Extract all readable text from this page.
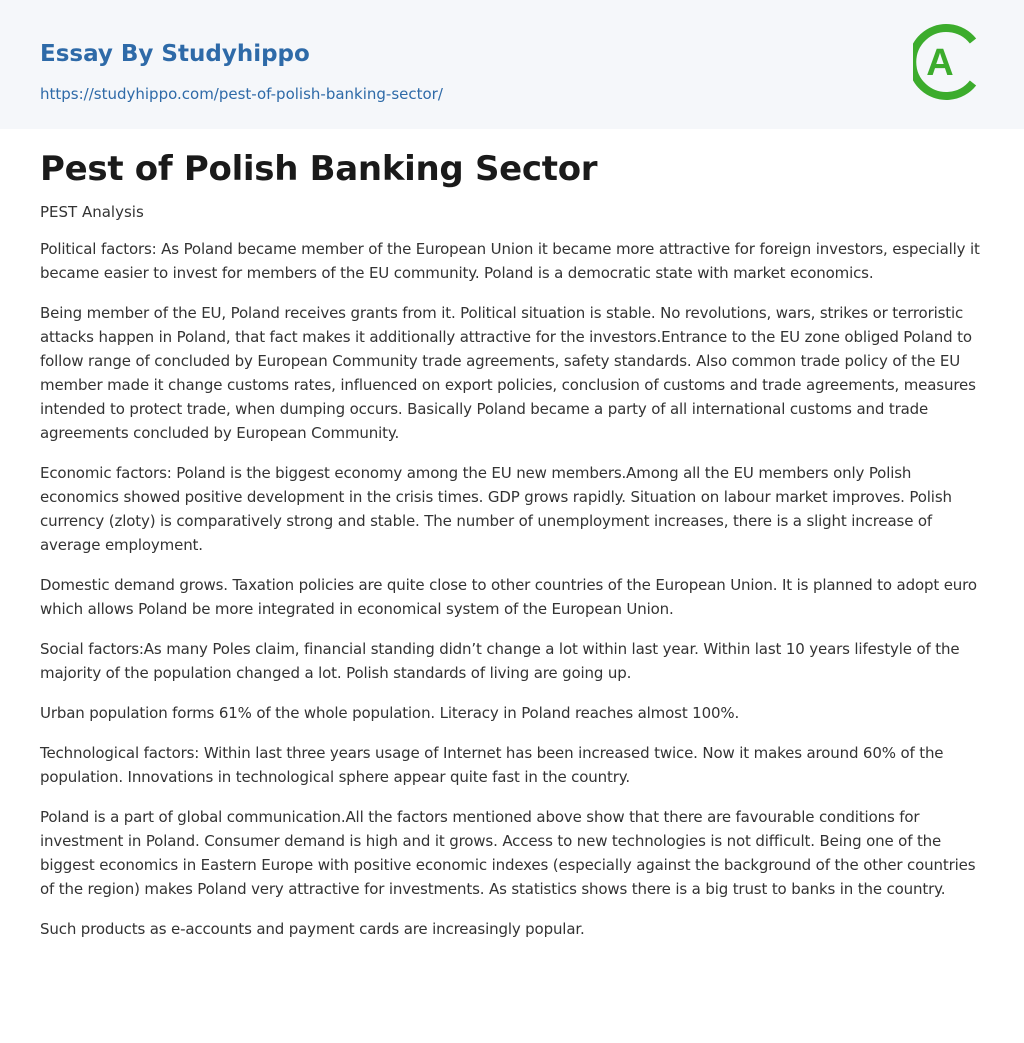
Essay By Studyhippo
https://studyhippo.com/pest-of-polish-banking-sector/
A
Pest of Polish Banking Sector
PEST Analysis

Political factors: As Poland became member of the European Union it became more attractive for foreign investors, especially it became easier to invest for members of the EU community. Poland is a democratic state with market economics.

Being member of the EU, Poland receives grants from it. Political situation is stable. No revolutions, wars, strikes or terroristic attacks happen in Poland, that fact makes it additionally attractive for the investors.Entrance to the EU zone obliged Poland to follow range of concluded by European Community trade agreements, safety standards. Also common trade policy of the EU member made it change customs rates, influenced on export policies, conclusion of customs and trade agreements, measures intended to protect trade, when dumping occurs. Basically Poland became a party of all international customs and trade agreements concluded by European Community.

Economic factors: Poland is the biggest economy among the EU new members.Among all the EU members only Polish economics showed positive development in the crisis times. GDP grows rapidly. Situation on labour market improves. Polish currency (zloty) is comparatively strong and stable. The number of unemployment increases, there is a slight increase of average employment.

Domestic demand grows. Taxation policies are quite close to other countries of the European Union. It is planned to adopt euro which allows Poland be more integrated in economical system of the European Union.

Social factors:As many Poles claim, financial standing didn’t change a lot within last year. Within last 10 years lifestyle of the majority of the population changed a lot. Polish standards of living are going up.

Urban population forms 61% of the whole population. Literacy in Poland reaches almost 100%.

Technological factors: Within last three years usage of Internet has been increased twice. Now it makes around 60% of the population. Innovations in technological sphere appear quite fast in the country.

Poland is a part of global communication.All the factors mentioned above show that there are favourable conditions for investment in Poland. Consumer demand is high and it grows. Access to new technologies is not difficult. Being one of the biggest economics in Eastern Europe with positive economic indexes (especially against the background of the other countries of the region) makes Poland very attractive for investments. As statistics shows there is a big trust to banks in the country.

Such products as e-accounts and payment cards are increasingly popular.
